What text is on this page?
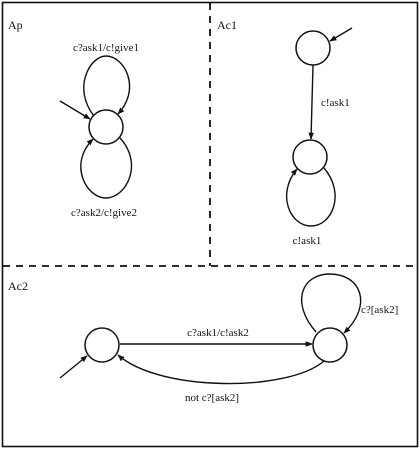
Ap
c?ask1/c!give1
c?ask2/c!give2
Ac1
c!ask1
c!ask1
Ac2
c?ask1/c!ask2
not c?[ask2]
c?[ask2]
